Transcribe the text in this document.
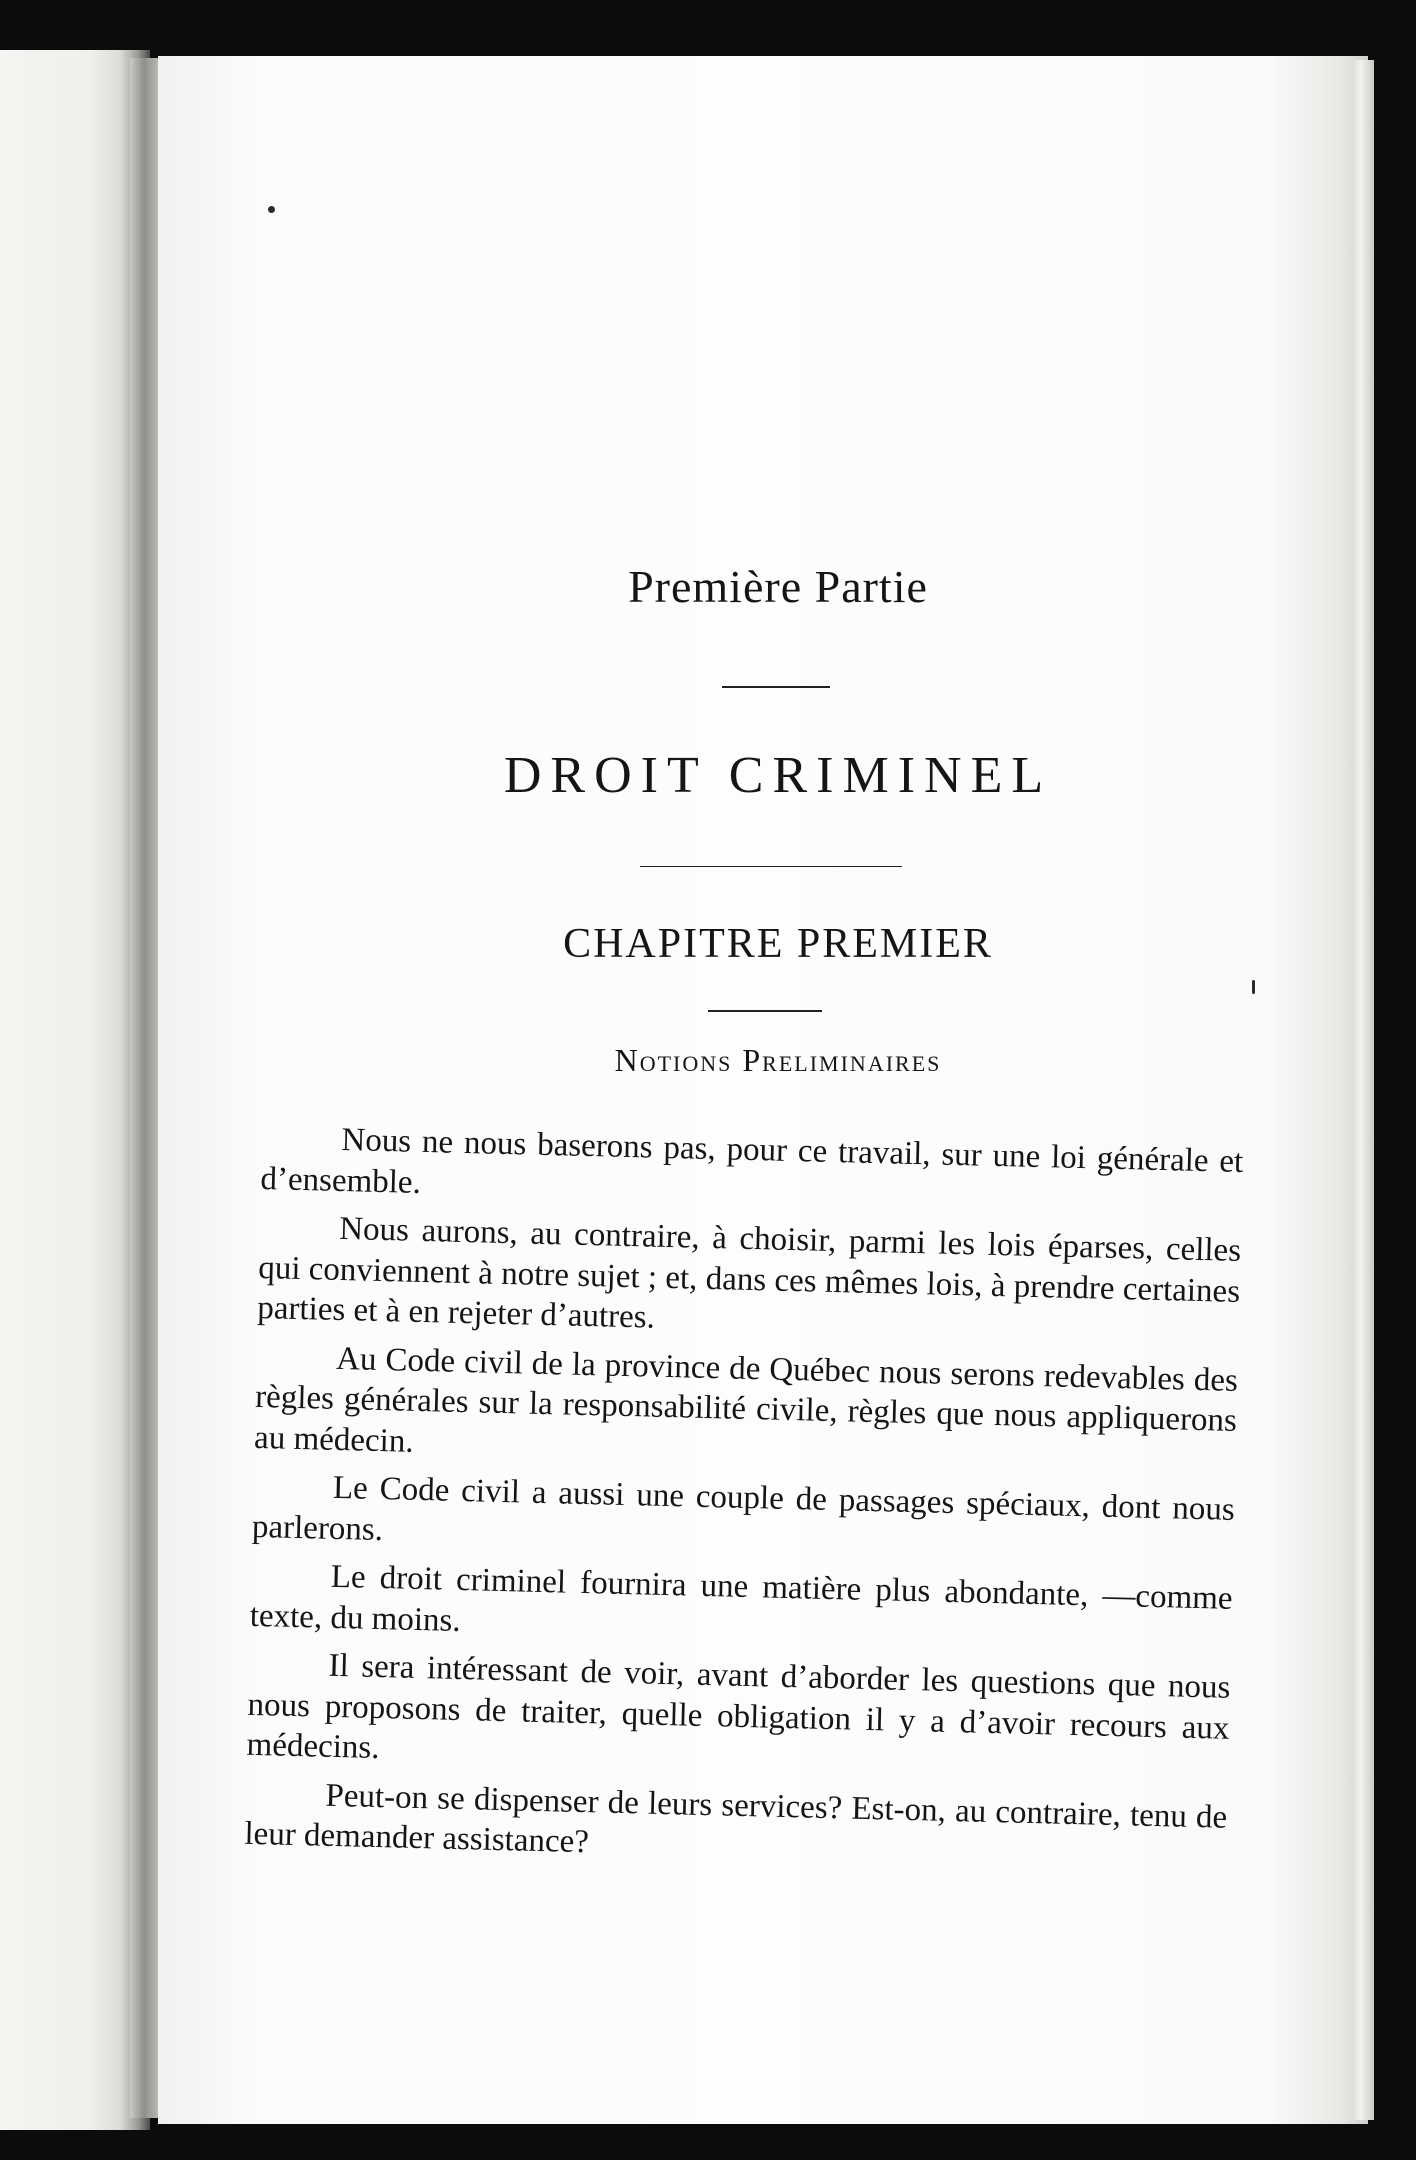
Première Partie
DROIT CRIMINEL
CHAPITRE PREMIER
Notions Preliminaires

Nous ne nous baserons pas, pour ce travail, sur une loi générale et d’ensemble.

Nous aurons, au contraire, à choisir, parmi les lois éparses, celles qui conviennent à notre sujet ; et, dans ces mêmes lois, à prendre certaines parties et à en rejeter d’autres.

Au Code civil de la province de Québec nous serons redevables des règles générales sur la responsabilité civile, règles que nous appliquerons au médecin.

Le Code civil a aussi une couple de passages spéciaux, dont nous parlerons.

Le droit criminel fournira une matière plus abondante, —comme texte, du moins.

Il sera intéressant de voir, avant d’aborder les questions que nous nous proposons de traiter, quelle obligation il y a d’avoir recours aux médecins.

Peut-on se dispenser de leurs services? Est-on, au contraire, tenu de leur demander assistance?
